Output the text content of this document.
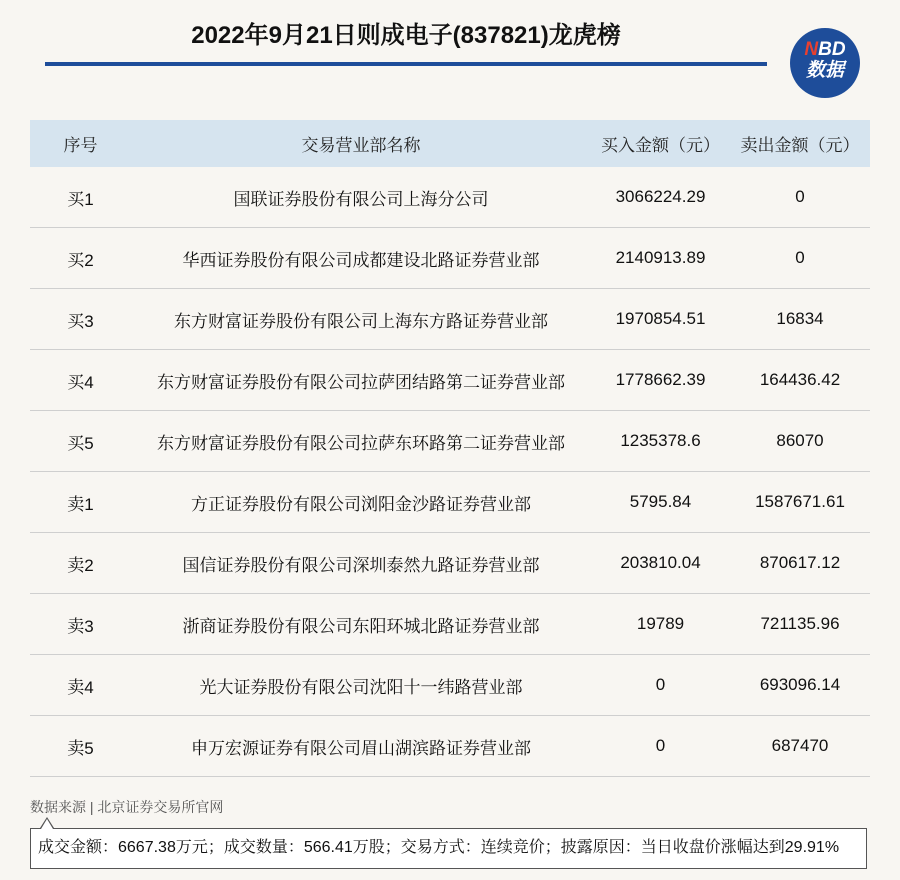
2022年9月21日则成电子(837821)龙虎榜
NBD
数据
序号	交易营业部名称	买入金额（元）	卖出金额（元）
买1	国联证券股份有限公司上海分公司	3066224.29	0
买2	华西证券股份有限公司成都建设北路证券营业部	2140913.89	0
买3	东方财富证券股份有限公司上海东方路证券营业部	1970854.51	16834
买4	东方财富证券股份有限公司拉萨团结路第二证券营业部	1778662.39	164436.42
买5	东方财富证券股份有限公司拉萨东环路第二证券营业部	1235378.6	86070
卖1	方正证券股份有限公司浏阳金沙路证券营业部	5795.84	1587671.61
卖2	国信证券股份有限公司深圳泰然九路证券营业部	203810.04	870617.12
卖3	浙商证券股份有限公司东阳环城北路证券营业部	19789	721135.96
卖4	光大证券股份有限公司沈阳十一纬路营业部	0	693096.14
卖5	申万宏源证券有限公司眉山湖滨路证券营业部	0	687470

数据来源 | 北京证券交易所官网

成交金额：6667.38万元；成交数量：566.41万股；交易方式：连续竞价；披露原因：当日收盘价涨幅达到29.91%
